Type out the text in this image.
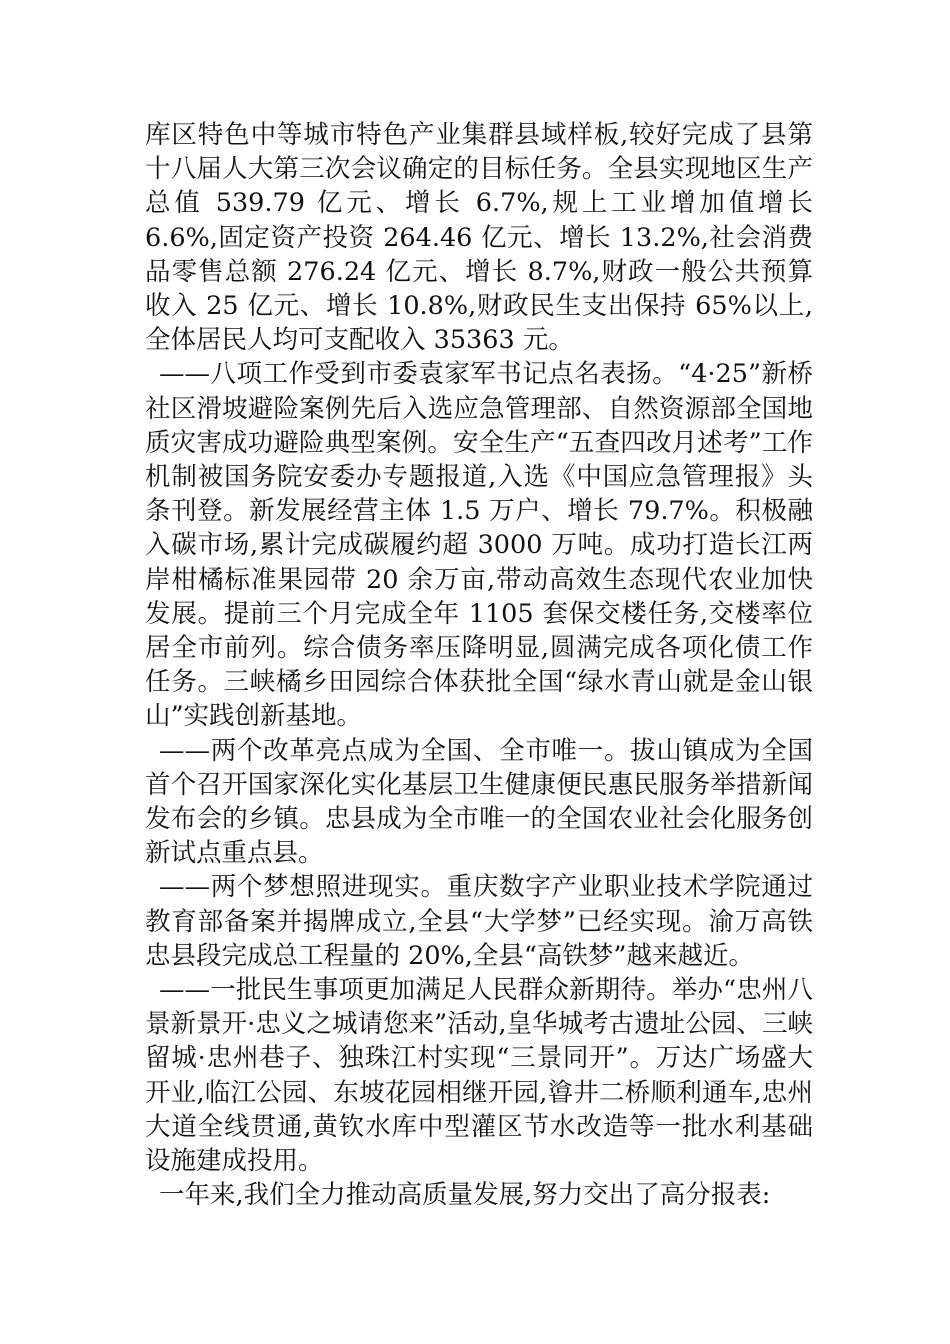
库区特色中等城市特色产业集群县域样板,较好完成了县第十八届人大第三次会议确定的目标任务。全县实现地区生产总值 539.79 亿元、增长 6.7%,规上工业增加值增长 6.6%,固定资产投资 264.46 亿元、增长 13.2%,社会消费品零售总额 276.24 亿元、增长 8.7%,财政一般公共预算收入 25 亿元、增长 10.8%,财政民生支出保持 65%以上,全体居民人均可支配收入 35363 元。

——八项工作受到市委袁家军书记点名表扬。“4·25”新桥社区滑坡避险案例先后入选应急管理部、自然资源部全国地质灾害成功避险典型案例。安全生产“五查四改月述考”工作机制被国务院安委办专题报道,入选《中国应急管理报》头条刊登。新发展经营主体 1.5 万户、增长 79.7%。积极融入碳市场,累计完成碳履约超 3000 万吨。成功打造长江两岸柑橘标准果园带 20 余万亩,带动高效生态现代农业加快发展。提前三个月完成全年 1105 套保交楼任务,交楼率位居全市前列。综合债务率压降明显,圆满完成各项化债工作任务。三峡橘乡田园综合体获批全国“绿水青山就是金山银山”实践创新基地。

——两个改革亮点成为全国、全市唯一。拔山镇成为全国首个召开国家深化实化基层卫生健康便民惠民服务举措新闻发布会的乡镇。忠县成为全市唯一的全国农业社会化服务创新试点重点县。

——两个梦想照进现实。重庆数字产业职业技术学院通过教育部备案并揭牌成立,全县“大学梦”已经实现。渝万高铁忠县段完成总工程量的 20%,全县“高铁梦”越来越近。

——一批民生事项更加满足人民群众新期待。举办“忠州八景新景开·忠义之城请您来”活动,皇华城考古遗址公园、三峡留城·忠州巷子、独珠江村实现“三景同开”。万达广场盛大开业,临江公园、东坡花园相继开园,㽏井二桥顺利通车,忠州大道全线贯通,黄钦水库中型灌区节水改造等一批水利基础设施建成投用。

一年来,我们全力推动高质量发展,努力交出了高分报表:
